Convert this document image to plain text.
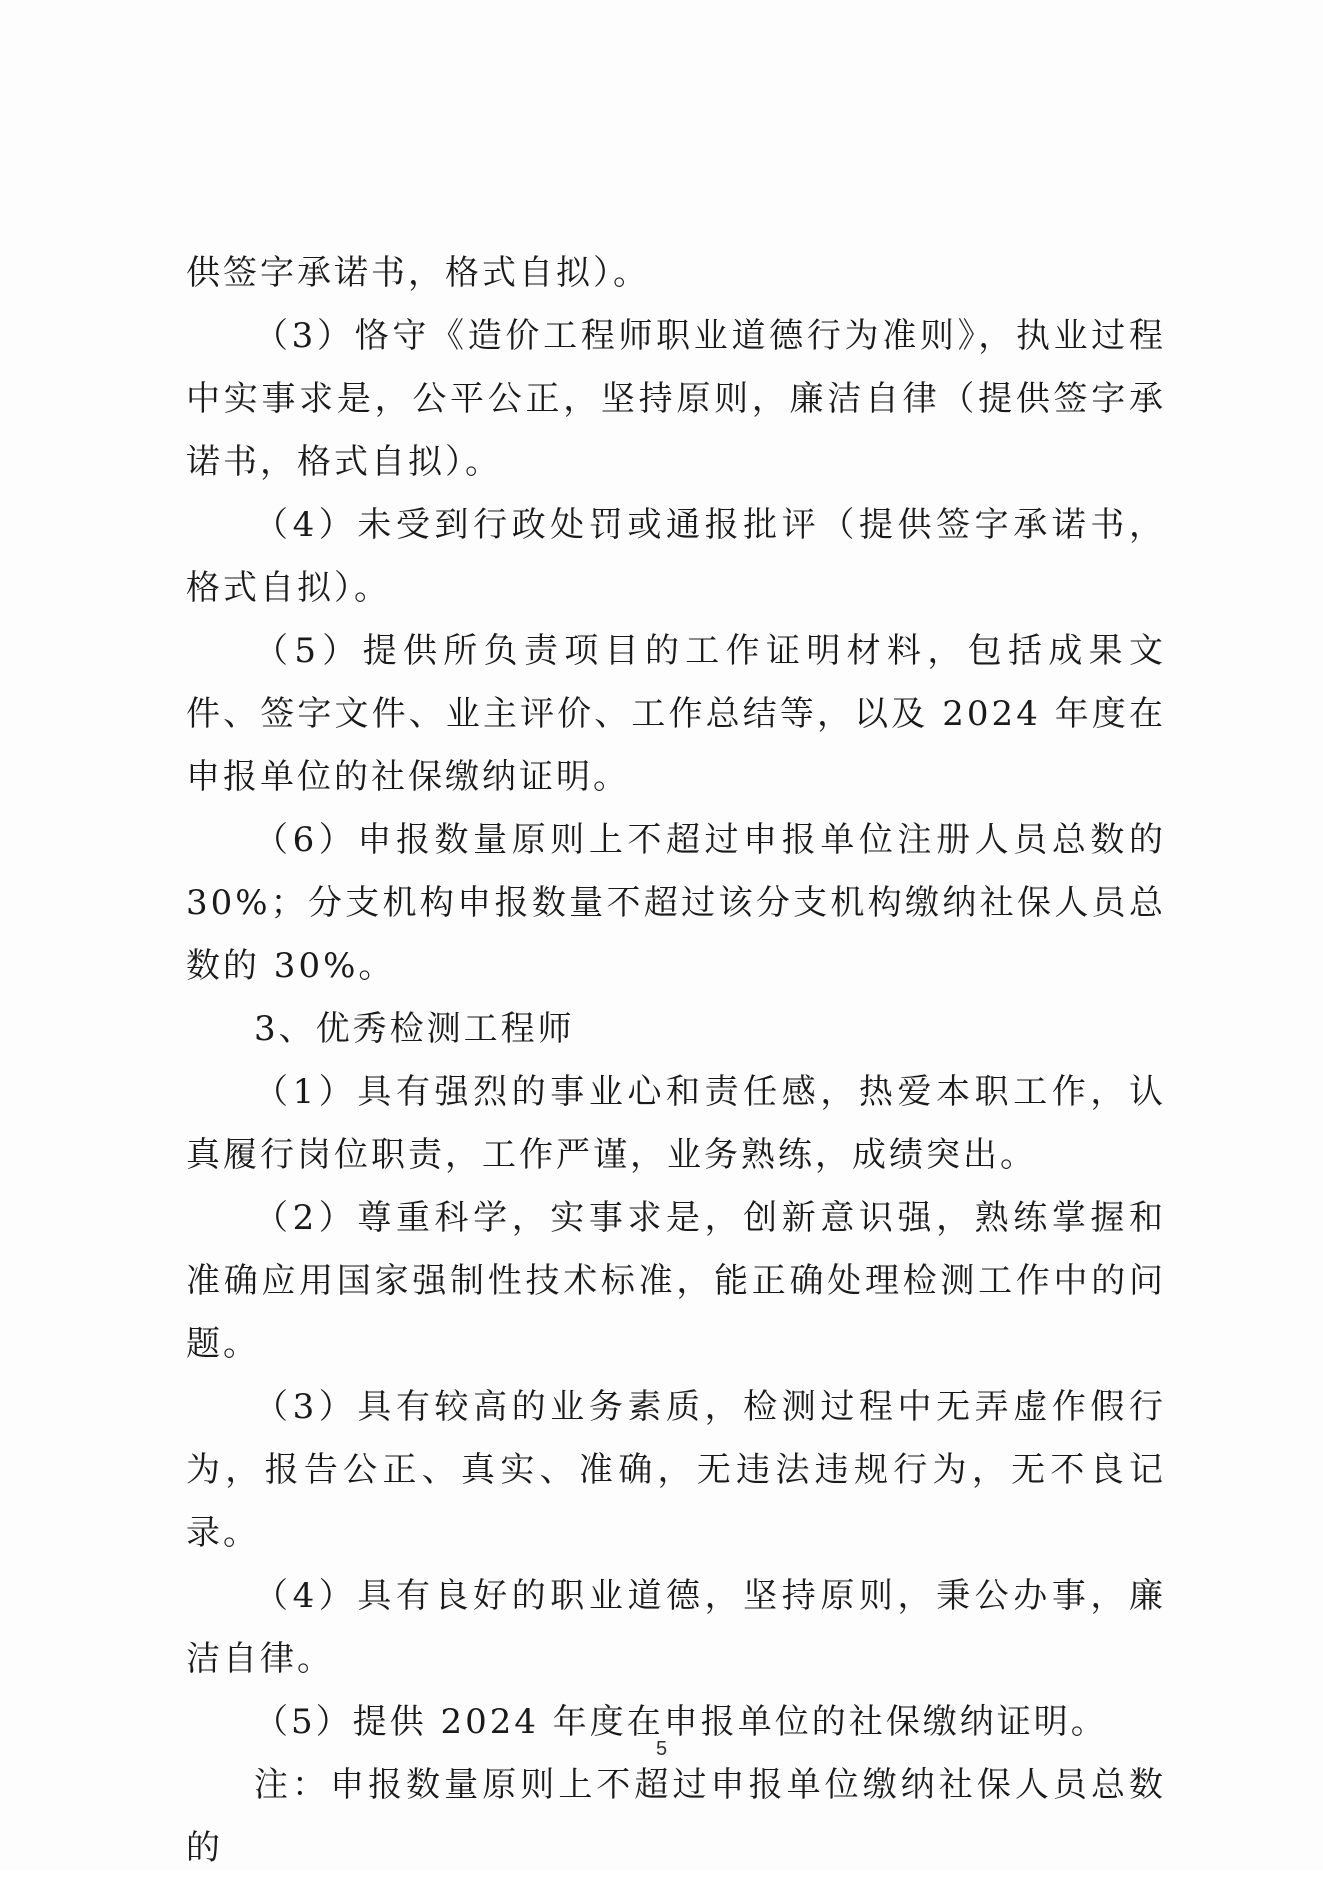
供签字承诺书，格式自拟）。

（3）恪守《造价工程师职业道德行为准则》，执业过程中实事求是，公平公正，坚持原则，廉洁自律（提供签字承诺书，格式自拟）。

（4）未受到行政处罚或通报批评（提供签字承诺书，格式自拟）。

（5）提供所负责项目的工作证明材料，包括成果文件、签字文件、业主评价、工作总结等，以及 2024 年度在申报单位的社保缴纳证明。

（6）申报数量原则上不超过申报单位注册人员总数的 30%；分支机构申报数量不超过该分支机构缴纳社保人员总数的 30%。

3、优秀检测工程师

（1）具有强烈的事业心和责任感，热爱本职工作，认真履行岗位职责，工作严谨，业务熟练，成绩突出。

（2）尊重科学，实事求是，创新意识强，熟练掌握和准确应用国家强制性技术标准，能正确处理检测工作中的问题。

（3）具有较高的业务素质，检测过程中无弄虚作假行为，报告公正、真实、准确，无违法违规行为，无不良记录。

（4）具有良好的职业道德，坚持原则，秉公办事，廉洁自律。

（5）提供 2024 年度在申报单位的社保缴纳证明。

注：申报数量原则上不超过申报单位缴纳社保人员总数的

5
